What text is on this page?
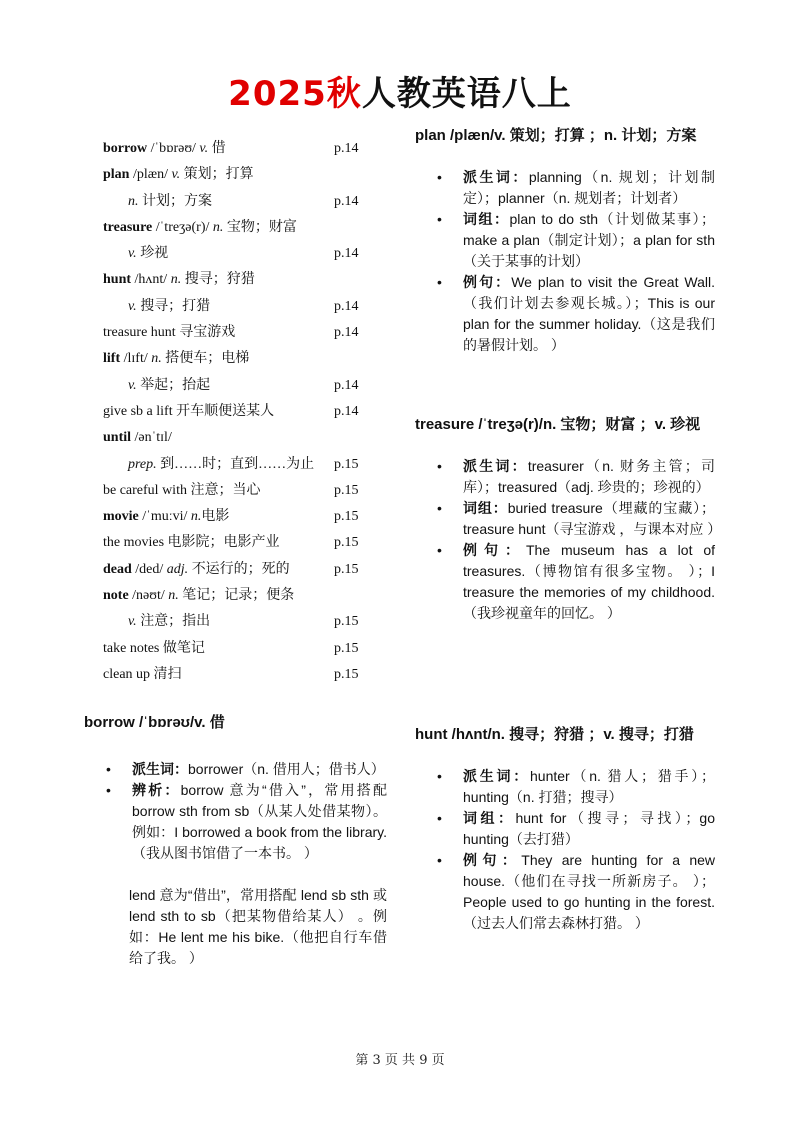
2025秋人教英语八上
borrow /ˈbɒrəʊ/ v. 借	p.14
plan /plæn/ v. 策划；打算
n. 计划；方案	p.14
treasure /ˈtreʒə(r)/ n. 宝物；财富
v. 珍视	p.14
hunt /hʌnt/ n. 搜寻；狩猎
v. 搜寻；打猎	p.14
treasure hunt 寻宝游戏	p.14
lift /lɪft/ n. 搭便车；电梯
v. 举起；抬起	p.14
give sb a lift 开车顺便送某人	p.14
until /ənˈtɪl/
prep. 到……时；直到……为止 p.15
be careful with 注意；当心	p.15
movie /ˈmuːvi/ n.电影	p.15
the movies 电影院；电影产业	p.15
dead /ded/ adj. 不运行的；死的	p.15
note /nəʊt/ n. 笔记；记录；便条
v. 注意；指出	p.15
take notes 做笔记	p.15
clean up 清扫	p.15
borrow /ˈbɒrəʊ/v. 借
• 派生词：borrower（n. 借用人；借书人）
• 辨析：borrow 意为“借入”，常用搭配 borrow sth from sb（从某人处借某物）。例如：I borrowed a book from the library.（我从图书馆借了一本书。 ）
lend 意为“借出”，常用搭配 lend sb sth 或 lend sth to sb（把某物借给某人） 。例如：He lent me his bike.（他把自行车借给了我。 ）
plan /plæn/v. 策划；打算 ；n. 计划；方案
• 派生词：planning（n. 规划；计划制定）；planner（n. 规划者；计划者）
• 词组：plan to do sth（计划做某事）；make a plan（制定计划）；a plan for sth（关于某事的计划）
• 例句：We plan to visit the Great Wall.（我们计划去参观长城。）；This is our plan for the summer holiday.（这是我们的暑假计划。 ）
treasure /ˈtreʒə(r)/n. 宝物；财富 ；v. 珍视
• 派生词：treasurer（n. 财务主管；司库）；treasured（adj. 珍贵的；珍视的）
• 词组：buried treasure（埋藏的宝藏）；treasure hunt（寻宝游戏 ，与课本对应 ）
• 例句：The museum has a lot of treasures.（博物馆有很多宝物。 ）；I treasure the memories of my childhood.（我珍视童年的回忆。 ）
hunt /hʌnt/n. 搜寻；狩猎 ；v. 搜寻；打猎
• 派生词：hunter（n. 猎人；猎手）；hunting（n. 打猎；搜寻）
• 词组：hunt for（搜寻；寻找）；go hunting（去打猎）
• 例句：They are hunting for a new house.（他们在寻找一所新房子。 ）；People used to go hunting in the forest.（过去人们常去森林打猎。 ）
第 3 页 共 9 页
